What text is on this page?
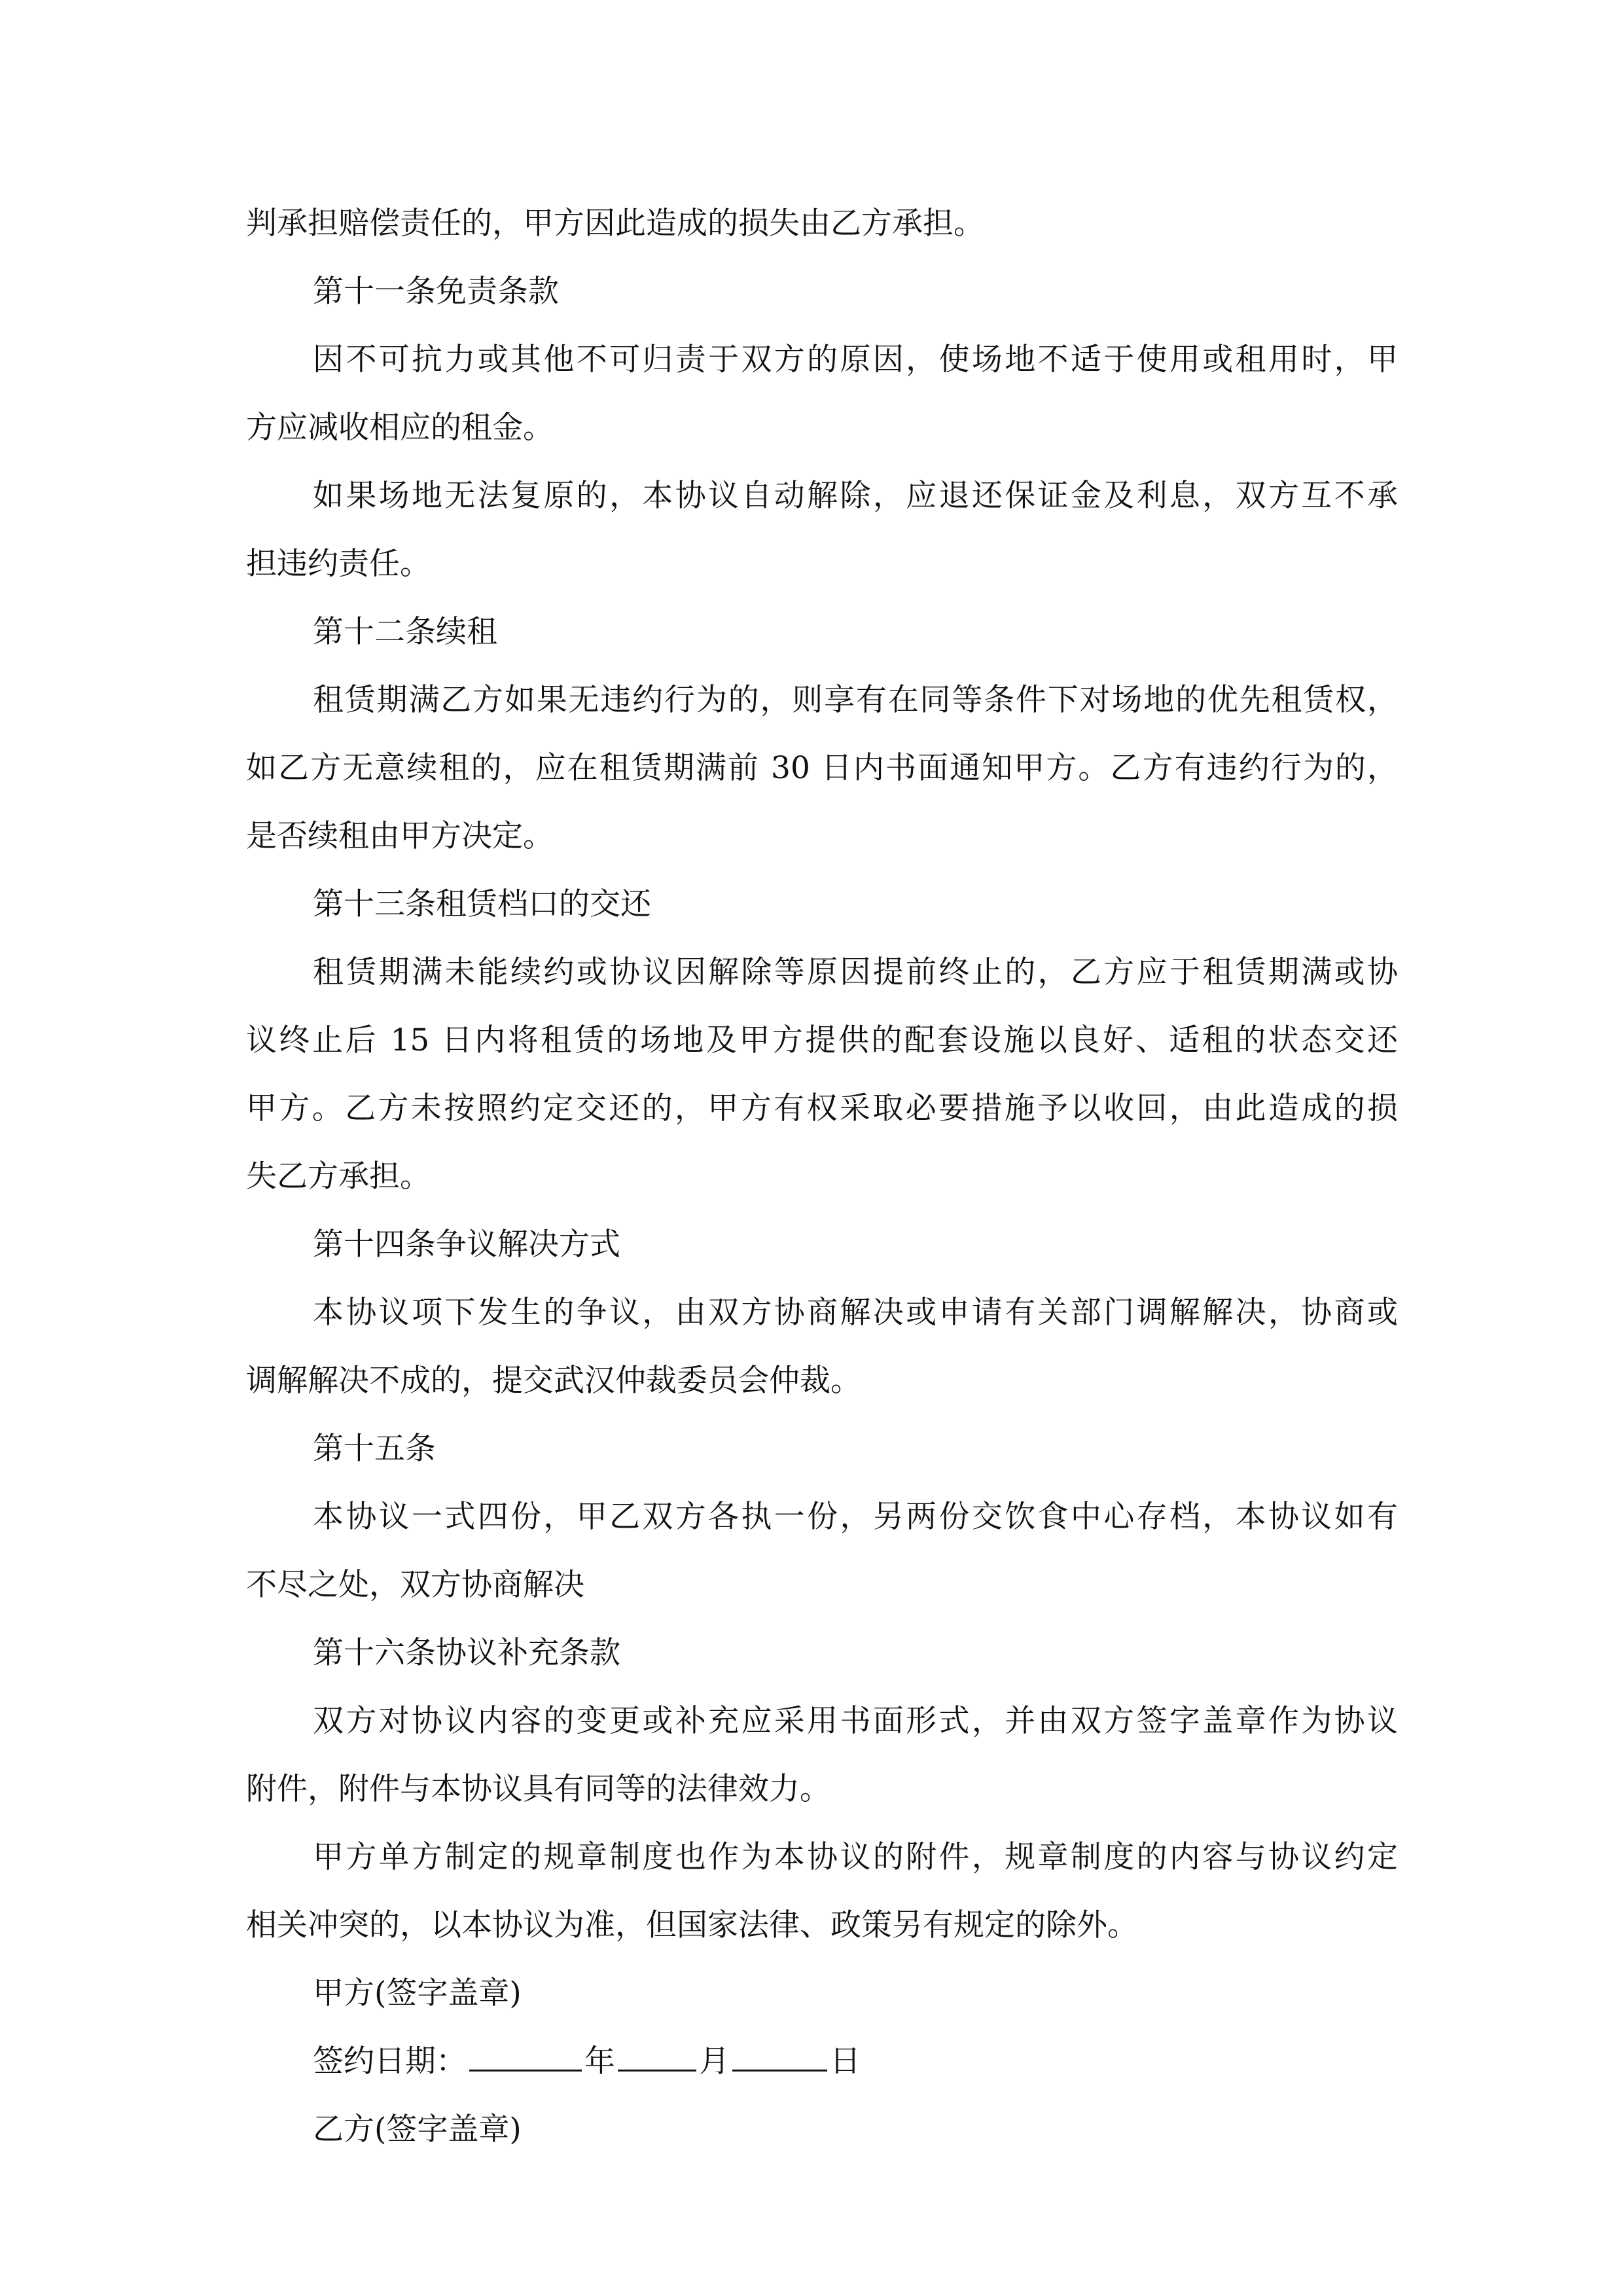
判承担赔偿责任的，甲方因此造成的损失由乙方承担。
第十一条免责条款
因不可抗力或其他不可归责于双方的原因，使场地不适于使用或租用时，甲
方应减收相应的租金。
如果场地无法复原的，本协议自动解除，应退还保证金及利息，双方互不承
担违约责任。
第十二条续租
租赁期满乙方如果无违约行为的，则享有在同等条件下对场地的优先租赁权，
如乙方无意续租的，应在租赁期满前 30 日内书面通知甲方。乙方有违约行为的，
是否续租由甲方决定。
第十三条租赁档口的交还
租赁期满未能续约或协议因解除等原因提前终止的，乙方应于租赁期满或协
议终止后 15 日内将租赁的场地及甲方提供的配套设施以良好、适租的状态交还
甲方。乙方未按照约定交还的，甲方有权采取必要措施予以收回，由此造成的损
失乙方承担。
第十四条争议解决方式
本协议项下发生的争议，由双方协商解决或申请有关部门调解解决，协商或
调解解决不成的，提交武汉仲裁委员会仲裁。
第十五条
本协议一式四份，甲乙双方各执一份，另两份交饮食中心存档，本协议如有
不尽之处，双方协商解决
第十六条协议补充条款
双方对协议内容的变更或补充应采用书面形式，并由双方签字盖章作为协议
附件，附件与本协议具有同等的法律效力。
甲方单方制定的规章制度也作为本协议的附件，规章制度的内容与协议约定
相关冲突的，以本协议为准，但国家法律、政策另有规定的除外。
甲方(签字盖章)
签约日期：	年	月	日
乙方(签字盖章)
